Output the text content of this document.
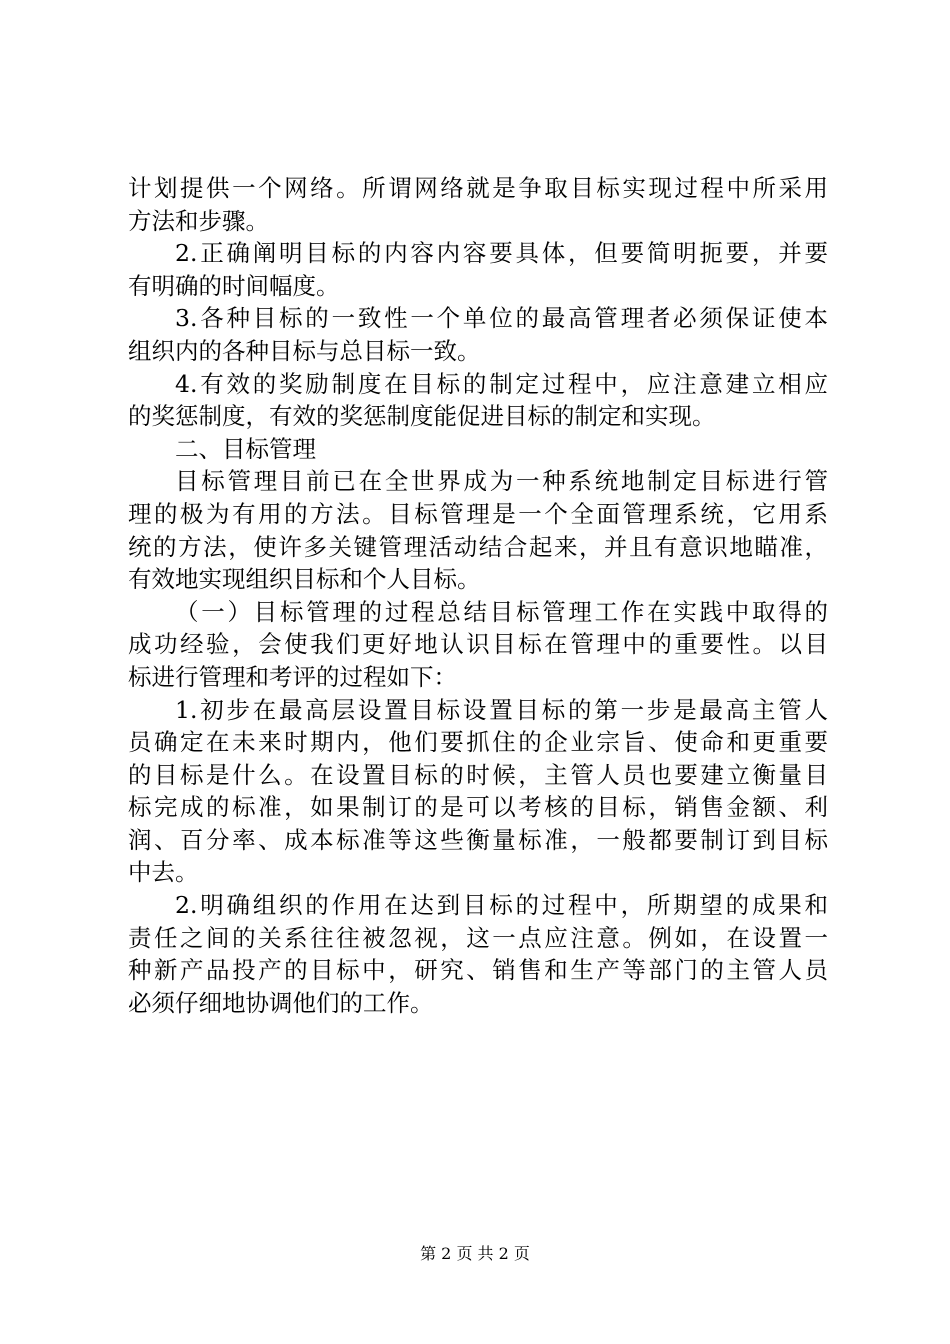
计划提供一个网络。所谓网络就是争取目标实现过程中所采用
方法和步骤。
2.正确阐明目标的内容内容要具体，但要简明扼要，并要
有明确的时间幅度。
3.各种目标的一致性一个单位的最高管理者必须保证使本
组织内的各种目标与总目标一致。
4.有效的奖励制度在目标的制定过程中，应注意建立相应
的奖惩制度，有效的奖惩制度能促进目标的制定和实现。
二、目标管理
目标管理目前已在全世界成为一种系统地制定目标进行管
理的极为有用的方法。目标管理是一个全面管理系统，它用系
统的方法，使许多关键管理活动结合起来，并且有意识地瞄准，
有效地实现组织目标和个人目标。
（一）目标管理的过程总结目标管理工作在实践中取得的
成功经验，会使我们更好地认识目标在管理中的重要性。以目
标进行管理和考评的过程如下：
1.初步在最高层设置目标设置目标的第一步是最高主管人
员确定在未来时期内，他们要抓住的企业宗旨、使命和更重要
的目标是什么。在设置目标的时候，主管人员也要建立衡量目
标完成的标准，如果制订的是可以考核的目标，销售金额、利
润、百分率、成本标准等这些衡量标准，一般都要制订到目标
中去。
2.明确组织的作用在达到目标的过程中，所期望的成果和
责任之间的关系往往被忽视，这一点应注意。例如，在设置一
种新产品投产的目标中，研究、销售和生产等部门的主管人员
必须仔细地协调他们的工作。
第 2 页 共 2 页
